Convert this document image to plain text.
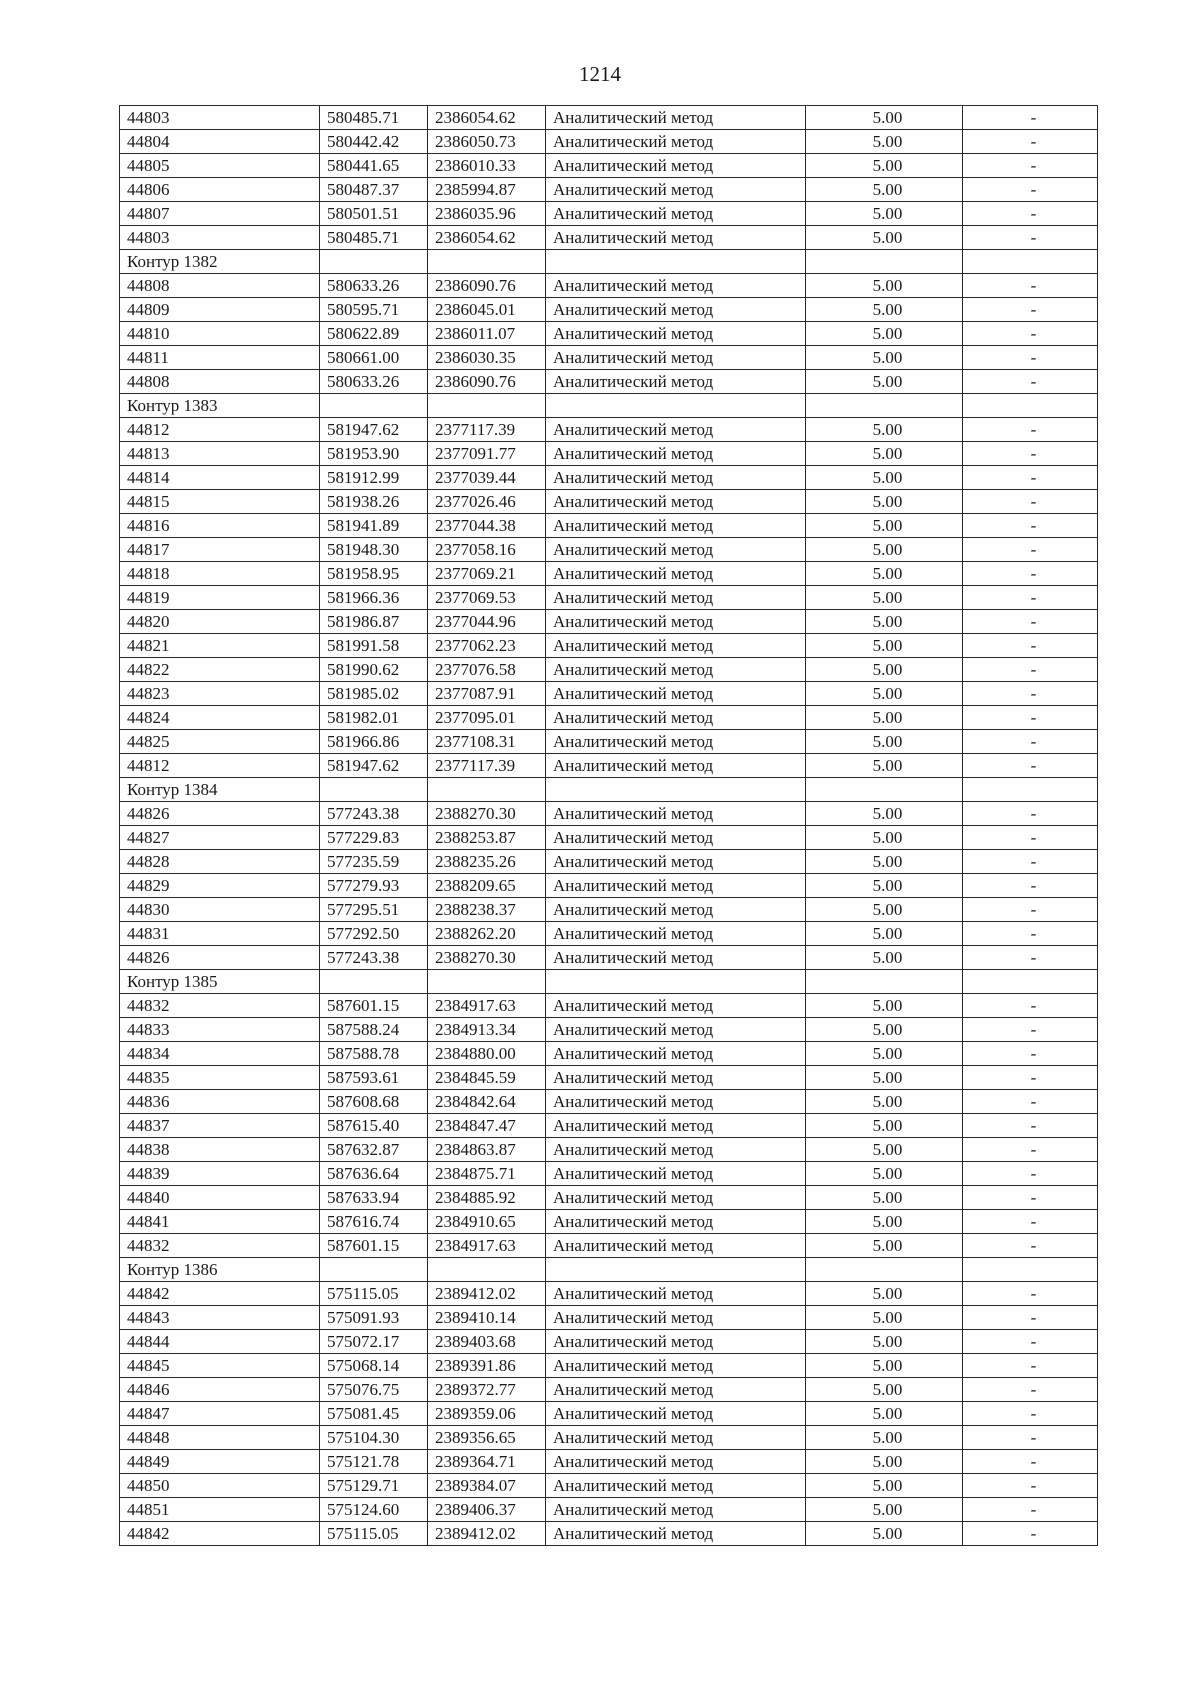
1214
44803	580485.71	2386054.62	Аналитический метод	5.00	-
44804	580442.42	2386050.73	Аналитический метод	5.00	-
44805	580441.65	2386010.33	Аналитический метод	5.00	-
44806	580487.37	2385994.87	Аналитический метод	5.00	-
44807	580501.51	2386035.96	Аналитический метод	5.00	-
44803	580485.71	2386054.62	Аналитический метод	5.00	-
Контур 1382					
44808	580633.26	2386090.76	Аналитический метод	5.00	-
44809	580595.71	2386045.01	Аналитический метод	5.00	-
44810	580622.89	2386011.07	Аналитический метод	5.00	-
44811	580661.00	2386030.35	Аналитический метод	5.00	-
44808	580633.26	2386090.76	Аналитический метод	5.00	-
Контур 1383					
44812	581947.62	2377117.39	Аналитический метод	5.00	-
44813	581953.90	2377091.77	Аналитический метод	5.00	-
44814	581912.99	2377039.44	Аналитический метод	5.00	-
44815	581938.26	2377026.46	Аналитический метод	5.00	-
44816	581941.89	2377044.38	Аналитический метод	5.00	-
44817	581948.30	2377058.16	Аналитический метод	5.00	-
44818	581958.95	2377069.21	Аналитический метод	5.00	-
44819	581966.36	2377069.53	Аналитический метод	5.00	-
44820	581986.87	2377044.96	Аналитический метод	5.00	-
44821	581991.58	2377062.23	Аналитический метод	5.00	-
44822	581990.62	2377076.58	Аналитический метод	5.00	-
44823	581985.02	2377087.91	Аналитический метод	5.00	-
44824	581982.01	2377095.01	Аналитический метод	5.00	-
44825	581966.86	2377108.31	Аналитический метод	5.00	-
44812	581947.62	2377117.39	Аналитический метод	5.00	-
Контур 1384					
44826	577243.38	2388270.30	Аналитический метод	5.00	-
44827	577229.83	2388253.87	Аналитический метод	5.00	-
44828	577235.59	2388235.26	Аналитический метод	5.00	-
44829	577279.93	2388209.65	Аналитический метод	5.00	-
44830	577295.51	2388238.37	Аналитический метод	5.00	-
44831	577292.50	2388262.20	Аналитический метод	5.00	-
44826	577243.38	2388270.30	Аналитический метод	5.00	-
Контур 1385					
44832	587601.15	2384917.63	Аналитический метод	5.00	-
44833	587588.24	2384913.34	Аналитический метод	5.00	-
44834	587588.78	2384880.00	Аналитический метод	5.00	-
44835	587593.61	2384845.59	Аналитический метод	5.00	-
44836	587608.68	2384842.64	Аналитический метод	5.00	-
44837	587615.40	2384847.47	Аналитический метод	5.00	-
44838	587632.87	2384863.87	Аналитический метод	5.00	-
44839	587636.64	2384875.71	Аналитический метод	5.00	-
44840	587633.94	2384885.92	Аналитический метод	5.00	-
44841	587616.74	2384910.65	Аналитический метод	5.00	-
44832	587601.15	2384917.63	Аналитический метод	5.00	-
Контур 1386					
44842	575115.05	2389412.02	Аналитический метод	5.00	-
44843	575091.93	2389410.14	Аналитический метод	5.00	-
44844	575072.17	2389403.68	Аналитический метод	5.00	-
44845	575068.14	2389391.86	Аналитический метод	5.00	-
44846	575076.75	2389372.77	Аналитический метод	5.00	-
44847	575081.45	2389359.06	Аналитический метод	5.00	-
44848	575104.30	2389356.65	Аналитический метод	5.00	-
44849	575121.78	2389364.71	Аналитический метод	5.00	-
44850	575129.71	2389384.07	Аналитический метод	5.00	-
44851	575124.60	2389406.37	Аналитический метод	5.00	-
44842	575115.05	2389412.02	Аналитический метод	5.00	-
